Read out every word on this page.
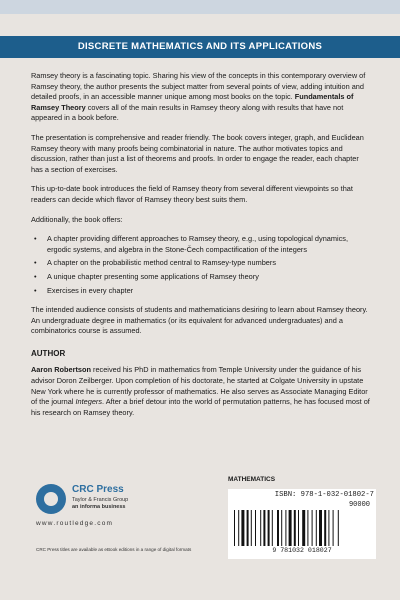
DISCRETE MATHEMATICS AND ITS APPLICATIONS

Ramsey theory is a fascinating topic. Sharing his view of the concepts in this contemporary overview of Ramsey theory, the author presents the subject matter from several points of view, adding intuition and detailed proofs, in an accessible manner unique among most books on the topic. Fundamentals of Ramsey Theory covers all of the main results in Ramsey theory along with results that have not appeared in a book before.

The presentation is comprehensive and reader friendly. The book covers integer, graph, and Euclidean Ramsey theory with many proofs being combinatorial in nature. The author motivates topics and discussion, rather than just a list of theorems and proofs. In order to engage the reader, each chapter has a section of exercises.

This up-to-date book introduces the field of Ramsey theory from several different viewpoints so that readers can decide which flavor of Ramsey theory best suits them.

Additionally, the book offers:

• A chapter providing different approaches to Ramsey theory, e.g., using topological dynamics, ergodic systems, and algebra in the Stone-Čech compactification of the integers
• A chapter on the probabilistic method central to Ramsey-type numbers
• A unique chapter presenting some applications of Ramsey theory
• Exercises in every chapter

The intended audience consists of students and mathematicians desiring to learn about Ramsey theory. An undergraduate degree in mathematics (or its equivalent for advanced undergraduates) and a combinatorics course is assumed.

AUTHOR

Aaron Robertson received his PhD in mathematics from Temple University under the guidance of his advisor Doron Zeilberger. Upon completion of his doctorate, he started at Colgate University in upstate New York where he is currently professor of mathematics. He also serves as Associate Managing Editor of the journal Integers. After a brief detour into the world of permutation patterns, he has focused most of his research on Ramsey theory.

CRC Press
Taylor & Francis Group
an informa business
www.routledge.com
CRC Press titles are available as eBook editions in a range of digital formats
MATHEMATICS
ISBN: 978-1-032-01802-7
90000
9 781032 018027
